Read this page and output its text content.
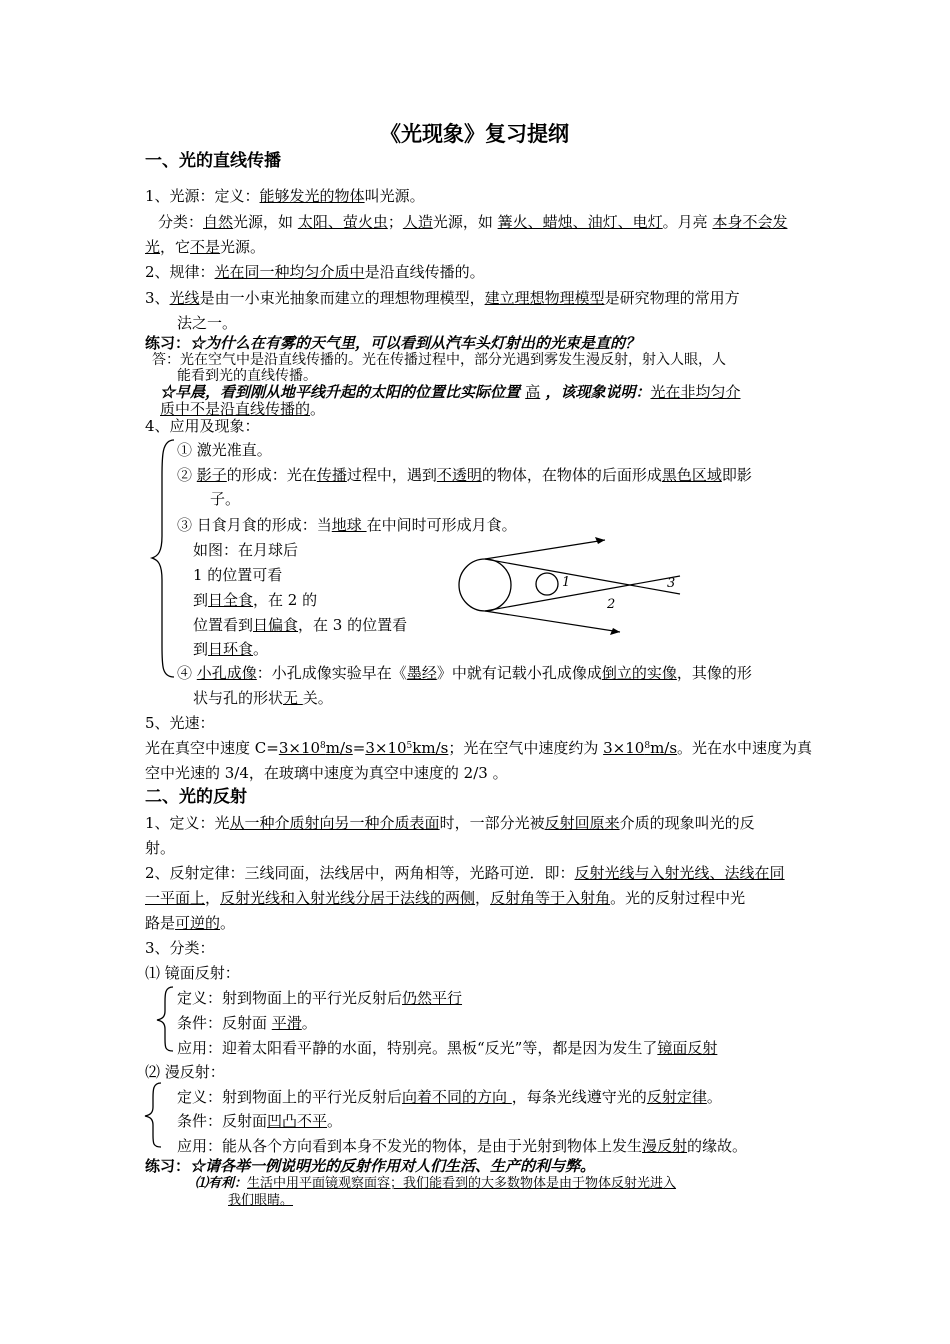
《光现象》复习提纲
一、光的直线传播
1、光源：定义：能够发光的物体叫光源。
分类：自然光源，如 太阳、萤火虫；人造光源，如 篝火、蜡烛、油灯、电灯。月亮 本身不会发
光，它不是光源。
2、规律：光在同一种均匀介质中是沿直线传播的。
3、光线是由一小束光抽象而建立的理想物理模型，建立理想物理模型是研究物理的常用方
法之一。
练习：☆为什么在有雾的天气里，可以看到从汽车头灯射出的光束是直的？
答：光在空气中是沿直线传播的。光在传播过程中，部分光遇到雾发生漫反射，射入人眼，人
能看到光的直线传播。
☆早晨，看到刚从地平线升起的太阳的位置比实际位置 高 ，该现象说明：光在非均匀介
质中不是沿直线传播的。
4、应用及现象：
① 激光准直。
② 影子的形成：光在传播过程中，遇到不透明的物体，在物体的后面形成黑色区域即影
子。
③ 日食月食的形成：当地球 在中间时可形成月食。
如图：在月球后
1 的位置可看
到日全食，在 2 的
位置看到日偏食，在 3 的位置看
到日环食。
1
2
3
④ 小孔成像：小孔成像实验早在《墨经》中就有记载小孔成像成倒立的实像，其像的形
状与孔的形状无 关。
5、光速：
光在真空中速度 $C=3\times 10^8m/s=3\times 10^5km/s$；光在空气中速度约为 $3\times 10^8m/s$。光在水中速度为真
空中光速的 3/4，在玻璃中速度为真空中速度的 2/3 。
二、光的反射
1、定义：光从一种介质射向另一种介质表面时，一部分光被反射回原来介质的现象叫光的反
射。
2、反射定律：三线同面，法线居中，两角相等，光路可逆．即：反射光线与入射光线、法线在同
一平面上，反射光线和入射光线分居于法线的两侧，反射角等于入射角。光的反射过程中光
路是可逆的。
3、分类：
⑴ 镜面反射：
定义：射到物面上的平行光反射后仍然平行
条件：反射面 平滑。
应用：迎着太阳看平静的水面，特别亮。黑板“反光”等，都是因为发生了镜面反射
⑵ 漫反射：
定义：射到物面上的平行光反射后向着不同的方向 ，每条光线遵守光的反射定律。
条件：反射面凹凸不平。
应用：能从各个方向看到本身不发光的物体，是由于光射到物体上发生漫反射的缘故。
练习：☆请各举一例说明光的反射作用对人们生活、生产的利与弊。
⑴有利：生活中用平面镜观察面容；我们能看到的大多数物体是由于物体反射光进入
我们眼睛。
